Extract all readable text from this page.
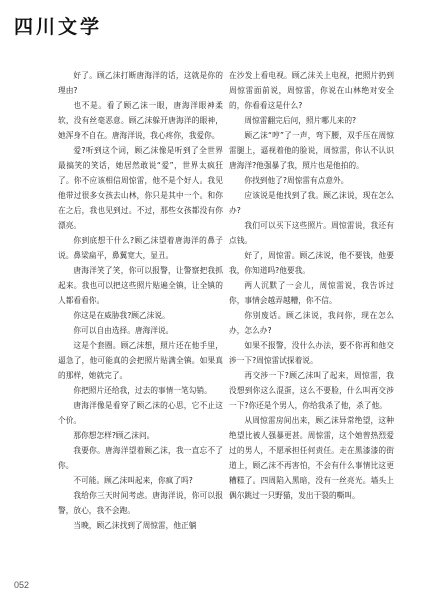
四川文学

好了。顾乙沫打断唐海洋的话，这就是你的理由?

也不是。看了顾乙沫一眼，唐海洋眼神柔软，没有丝毫恶意。顾乙沫躲开唐海洋的眼神，她浑身不自在。唐海洋说，我心疼你，我爱你。

爱?听到这个词，顾乙沫像是听到了全世界最搞笑的笑话，她居然敢说“爱”，世界太疯狂了。你不应该相信周惊雷，他不是个好人。我见他带过很多女孩去山林，你只是其中一个。和你在之后，我也见到过。不过，那些女孩都没有你漂亮。

你到底想干什么?顾乙沫望着唐海洋的鼻子说。鼻梁扁平，鼻翼宽大，显丑。

唐海洋笑了笑，你可以报警，让警察把我抓起来。我也可以把这些照片贴遍全镇，让全镇的人都看看你。

你这是在威胁我?顾乙沫说。

你可以自由选择。唐海洋说。

这是个套圈。顾乙沫想，照片还在他手里，逼急了，他可能真的会把照片贴满全镇。如果真的那样，她就完了。

你把照片还给我，过去的事情一笔勾销。

唐海洋像是看穿了顾乙沫的心思，它不止这个价。

那你想怎样?顾乙沫问。

我要你。唐海洋望着顾乙沫，我一直忘不了你。

不可能。顾乙沫叫起来，你疯了吗?

我给你三天时间考虑。唐海洋说，你可以报警，放心，我不会跑。

当晚，顾乙沫找到了周惊雷，他正躺

在沙发上看电视。顾乙沫关上电视，把照片扔到周惊雷面前说，周惊雷，你说在山林绝对安全的，你看看这是什么?

周惊雷翻完后问，照片哪儿来的?

顾乙沫“哼”了一声，弯下腰，双手压在周惊雷腿上，逼视着他的脸说，周惊雷，你认不认识唐海洋?他强暴了我，照片也是他拍的。

你找到他了?周惊雷有点意外。

应该说是他找到了我。顾乙沫说，现在怎么办?

我们可以买下这些照片。周惊雷说，我还有点钱。

好了，周惊雷。顾乙沫说，他不要钱，他要我，你知道吗?他要我。

两人沉默了一会儿，周惊雷说，我告诉过你，事情会越弄越糟，你不信。

你别废话。顾乙沫说，我问你，现在怎么办，怎么办?

如果不报警，没什么办法，要不你再和他交涉一下?周惊雷试探着说。

再交涉一下?顾乙沫叫了起来，周惊雷，我没想到你这么混蛋，这么不要脸，什么叫再交涉一下?你还是个男人，你给我杀了他，杀了他。

从周惊雷房间出来，顾乙沫异常绝望，这种绝望比被人强暴更甚。周惊雷，这个她曾热烈爱过的男人，不愿承担任何责任。走在黑漆漆的街道上，顾乙沫不再害怕，不会有什么事情比这更糟糕了。四周陷入黑暗，没有一丝亮光。墙头上偶尔跳过一只野猫，发出干裂的嘶叫。

052
